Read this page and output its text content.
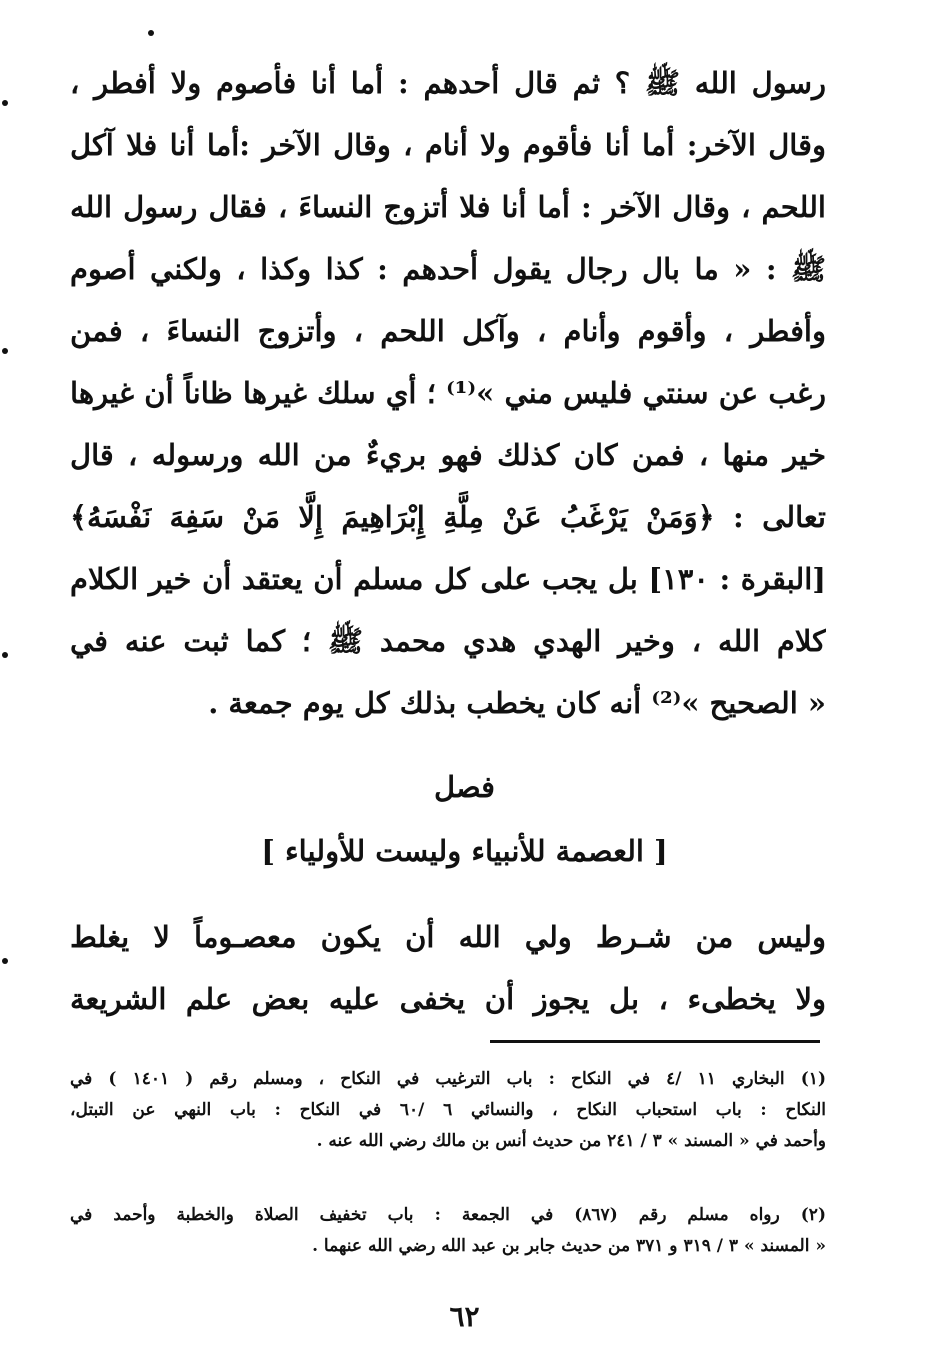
رسول الله ﷺ ؟ ثم قال أحدهم : أما أنا فأصوم ولا أفطر ،
وقال الآخر: أما أنا فأقوم ولا أنام ، وقال الآخر :أما أنا فلا آكل
اللحم ، وقال الآخر : أما أنا فلا أتزوج النساءَ ، فقال رسول الله
ﷺ : « ما بال رجال يقول أحدهم : كذا وكذا ، ولكني أصوم
وأفطر ، وأقوم وأنام ، وآكل اللحم ، وأتزوج النساءَ ، فمن
رغب عن سنتي فليس مني »⁽¹⁾ ؛ أي سلك غيرها ظاناً أن غيرها
خير منها ، فمن كان كذلك فهو بريءٌ من الله ورسوله ، قال
تعالى : ﴿وَمَنْ يَرْغَبُ عَنْ مِلَّةِ إِبْرَاهِيمَ إِلَّا مَنْ سَفِهَ نَفْسَهُ﴾
[البقرة : ١٣٠] بل يجب على كل مسلم أن يعتقد أن خير الكلام
كلام الله ، وخير الهدي هدي محمد ﷺ ؛ كما ثبت عنه في
« الصحيح »⁽²⁾ أنه كان يخطب بذلك كل يوم جمعة .
فصل
[ العصمة للأنبياء وليست للأولياء ]
وليس من شـرط ولي الله أن يكون معصـوماً لا يغلط
ولا يخطىء ، بل يجوز أن يخفى عليه بعض علم الشريعة
(١) البخاري ١١ /٤ في النكاح : باب الترغيب في النكاح ، ومسلم رقم ( ١٤٠١ ) في
النكاح : باب استحباب النكاح ، والنسائي ٦ /٦٠ في النكاح : باب النهي عن التبتل،
وأحمد في « المسند » ٣ / ٢٤١ من حديث أنس بن مالك رضي الله عنه .
(٢) رواه مسلم رقم (٨٦٧) في الجمعة : باب تخفيف الصلاة والخطبة وأحمد في
« المسند » ٣ / ٣١٩ و ٣٧١ من حديث جابر بن عبد الله رضي الله عنهما .
٦٢
